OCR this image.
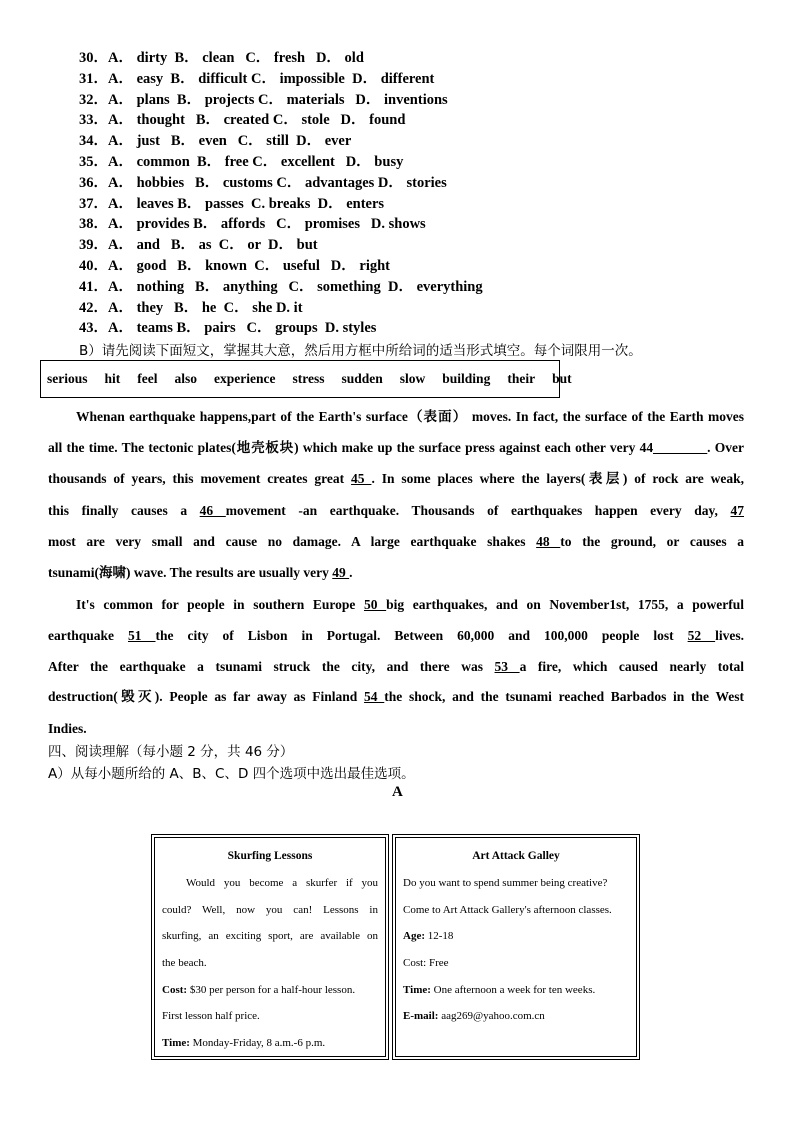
30．A． dirty  B． clean   C． fresh   D． old
31．A． easy  B． difficult C． impossible  D． different
32．A． plans  B． projects C． materials   D． inventions
33．A． thought   B． created C． stole   D． found
34．A． just   B． even   C． still  D． ever
35．A． common  B． free C． excellent   D． busy
36．A． hobbies   B． customs C． advantages D． stories
37．A． leaves B． passes  C. breaks  D． enters
38．A． provides B． affords   C． promises   D. shows
39．A． and   B． as  C． or  D． but
40．A． good   B． known  C． useful   D． right
41．A． nothing   B． anything   C． something  D． everything
42．A． they   B． he  C． she D. it
43．A． teams B． pairs   C． groups  D. styles
B）请先阅读下面短文，掌握其大意，然后用方框中所给词的适当形式填空。每个词限用一次。
serious hit feel also experience stress sudden slow building their but
Whenan earthquake happens,part of the Earth's surface（表面） moves. In fact, the surface of the Earth moves
all the time. The tectonic plates(地壳板块) which make up the surface press against each other very 44________. Over
thousands of years, this movement creates great 45 . In some places where the layers(表层) of rock are weak,
this finally causes a 46 movement -an earthquake. Thousands of earthquakes happen every day, 47
most are very small and cause no damage. A large earthquake shakes 48 to the ground, or causes a
tsunami(海啸) wave. The results are usually very 49 .
It's common for people in southern Europe 50 big earthquakes, and on November1st, 1755, a powerful
earthquake 51 the city of Lisbon in Portugal. Between 60,000 and 100,000 people lost 52 lives.
After the earthquake a tsunami struck the city, and there was 53 a fire, which caused nearly total
destruction(毁灭). People as far away as Finland 54 the shock, and the tsunami reached Barbados in the West
Indies.
四、阅读理解（每小题 2 分，共 46 分）
A）从每小题所给的 A、B、C、D 四个选项中选出最佳选项。
A
Skurfing Lessons
Would you become a skurfer if you
could? Well, now you can! Lessons in
skurfing, an exciting sport, are available on
the beach.
Cost: $30 per person for a half-hour lesson.
First lesson half price.
Time: Monday-Friday, 8 a.m.-6 p.m.
Art Attack Galley
Do you want to spend summer being creative?
Come to Art Attack Gallery's afternoon classes.
Age: 12-18
Cost: Free
Time: One afternoon a week for ten weeks.
E-mail: aag269@yahoo.com.cn
